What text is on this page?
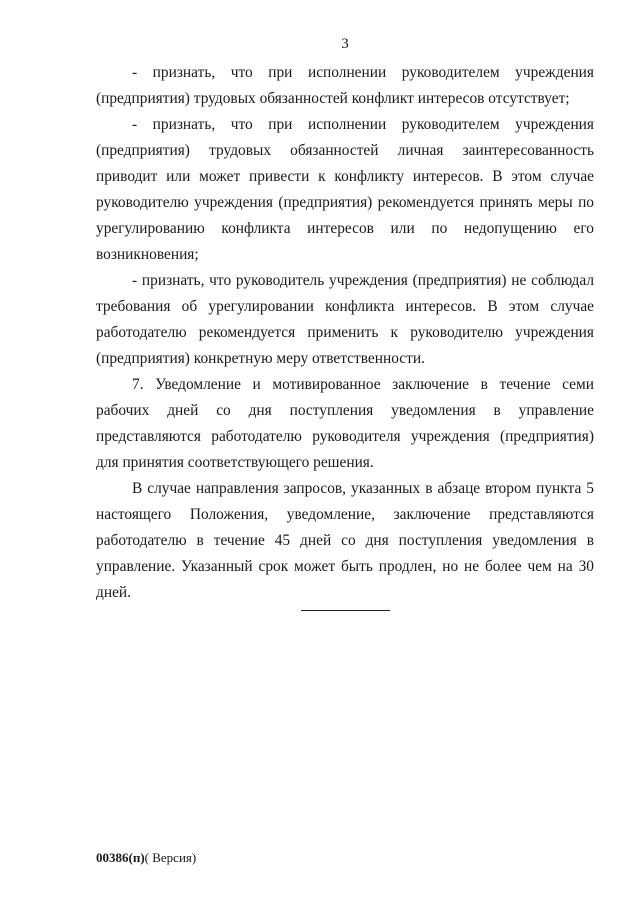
3

- признать, что при исполнении руководителем учреждения (предприятия) трудовых обязанностей конфликт интересов отсутствует;

- признать, что при исполнении руководителем учреждения (предприятия) трудовых обязанностей личная заинтересованность приводит или может привести к конфликту интересов. В этом случае руководителю учреждения (предприятия) рекомендуется принять меры по урегулированию конфликта интересов или по недопущению его возникновения;

- признать, что руководитель учреждения (предприятия) не соблюдал требования об урегулировании конфликта интересов. В этом случае работодателю рекомендуется применить к руководителю учреждения (предприятия) конкретную меру ответственности.

7. Уведомление и мотивированное заключение в течение семи рабочих дней со дня поступления уведомления в управление представляются работодателю руководителя учреждения (предприятия) для принятия соответствующего решения.

В случае направления запросов, указанных в абзаце втором пункта 5 настоящего Положения, уведомление, заключение представляются работодателю в течение 45 дней со дня поступления уведомления в управление. Указанный срок может быть продлен, но не более чем на 30 дней.

00386(п)( Версия)
